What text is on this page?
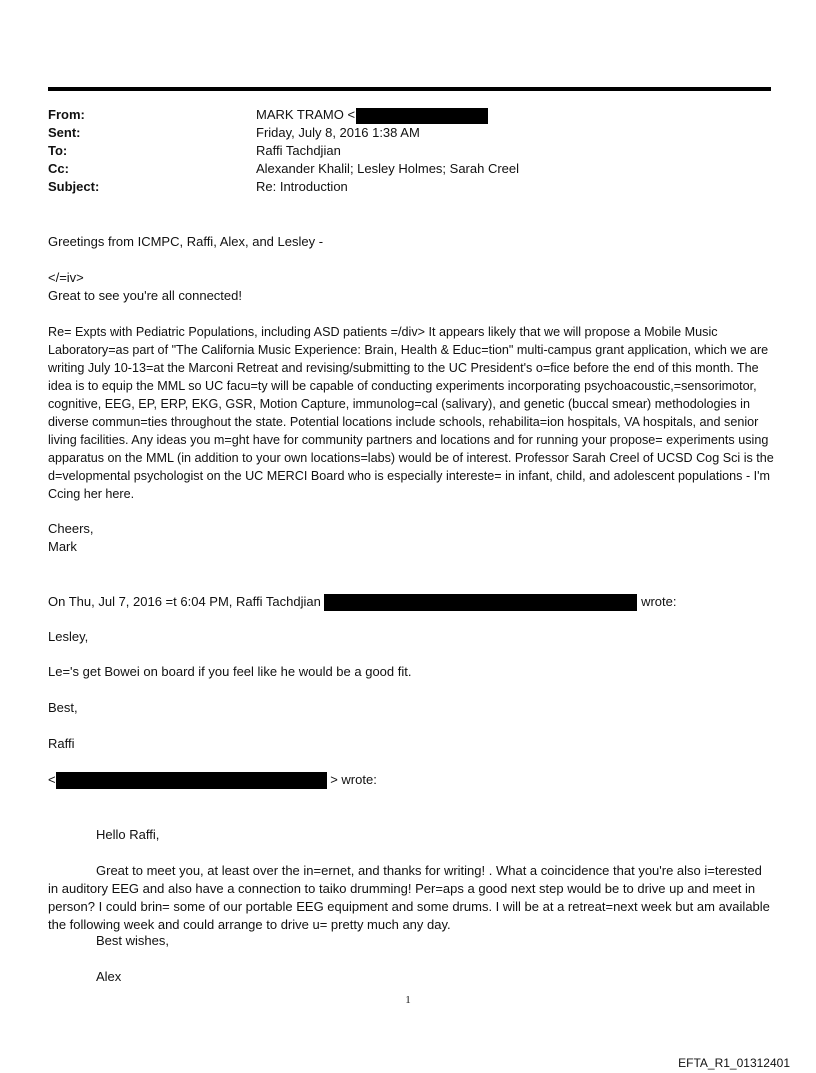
From:	MARK TRAMO <
Sent:	Friday, July 8, 2016 1:38 AM
To:	Raffi Tachdjian
Cc:	Alexander Khalil; Lesley Holmes; Sarah Creel
Subject:	Re: Introduction

Greetings from ICMPC, Raffi, Alex, and Lesley -

</=iv>

Great to see you're all connected!

Re= Expts with Pediatric Populations, including ASD patients =/div> It appears likely that we will propose a Mobile Music Laboratory=as part of "The California Music Experience: Brain, Health & Educ=tion" multi-campus grant application, which we are writing July 10-13=at the Marconi Retreat and revising/submitting to the UC President's o=fice before the end of this month. The idea is to equip the MML so UC facu=ty will be capable of conducting experiments incorporating psychoacoustic,=sensorimotor, cognitive, EEG, EP, ERP, EKG, GSR, Motion Capture, immunolog=cal (salivary), and genetic (buccal smear) methodologies in diverse commun=ties throughout the state. Potential locations include schools, rehabilita=ion hospitals, VA hospitals, and senior living facilities. Any ideas you m=ght have for community partners and locations and for running your propose= experiments using apparatus on the MML (in addition to your own locations=labs) would be of interest. Professor Sarah Creel of UCSD Cog Sci is the d=velopmental psychologist on the UC MERCI Board who is especially intereste= in infant, child, and adolescent populations - I'm Ccing her here.

Cheers,

Mark

On Thu, Jul 7, 2016 =t 6:04 PM, Raffi Tachdjian	wrote:

Lesley,

Le='s get Bowei on board if you feel like he would be a good fit.

Best,

Raffi

<	> wrote:

Hello Raffi,

Great to meet you, at least over the in=ernet, and thanks for writing! . What a coincidence that you're also i=terested in auditory EEG and also have a connection to taiko drumming! Per=aps a good next step would be to drive up and meet in person? I could brin= some of our portable EEG equipment and some drums. I will be at a retreat=next week but am available the following week and could arrange to drive u= pretty much any day.

Best wishes,

Alex

1
EFTA_R1_01312401
